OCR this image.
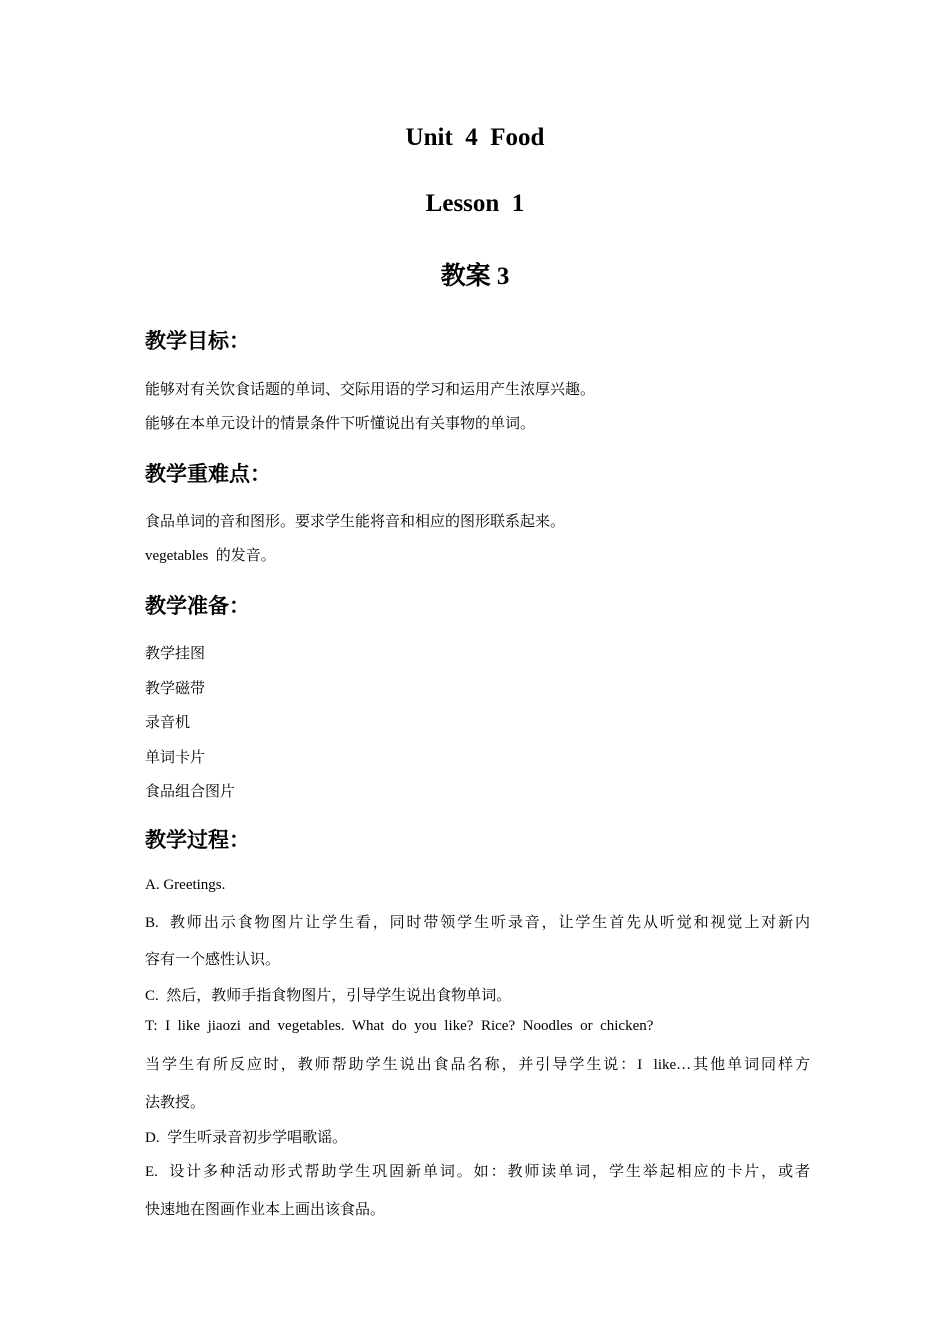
Unit  4  Food
Lesson  1
教案 3
教学目标：
能够对有关饮食话题的单词、交际用语的学习和运用产生浓厚兴趣。
能够在本单元设计的情景条件下听懂说出有关事物的单词。
教学重难点：
食品单词的音和图形。要求学生能将音和相应的图形联系起来。
vegetables  的发音。
教学准备：
教学挂图
教学磁带
录音机
单词卡片
食品组合图片
教学过程：
A. Greetings.
B.  教师出示食物图片让学生看，同时带领学生听录音，让学生首先从听觉和视觉上对新内
容有一个感性认识。
C.  然后，教师手指食物图片，引导学生说出食物单词。
T:  I  like  jiaozi  and  vegetables.  What  do  you  like?  Rice?  Noodles  or  chicken?
当学生有所反应时，教师帮助学生说出食品名称，并引导学生说：I  like…其他单词同样方
法教授。
D.  学生听录音初步学唱歌谣。
E.  设计多种活动形式帮助学生巩固新单词。如：教师读单词，学生举起相应的卡片，或者
快速地在图画作业本上画出该食品。
